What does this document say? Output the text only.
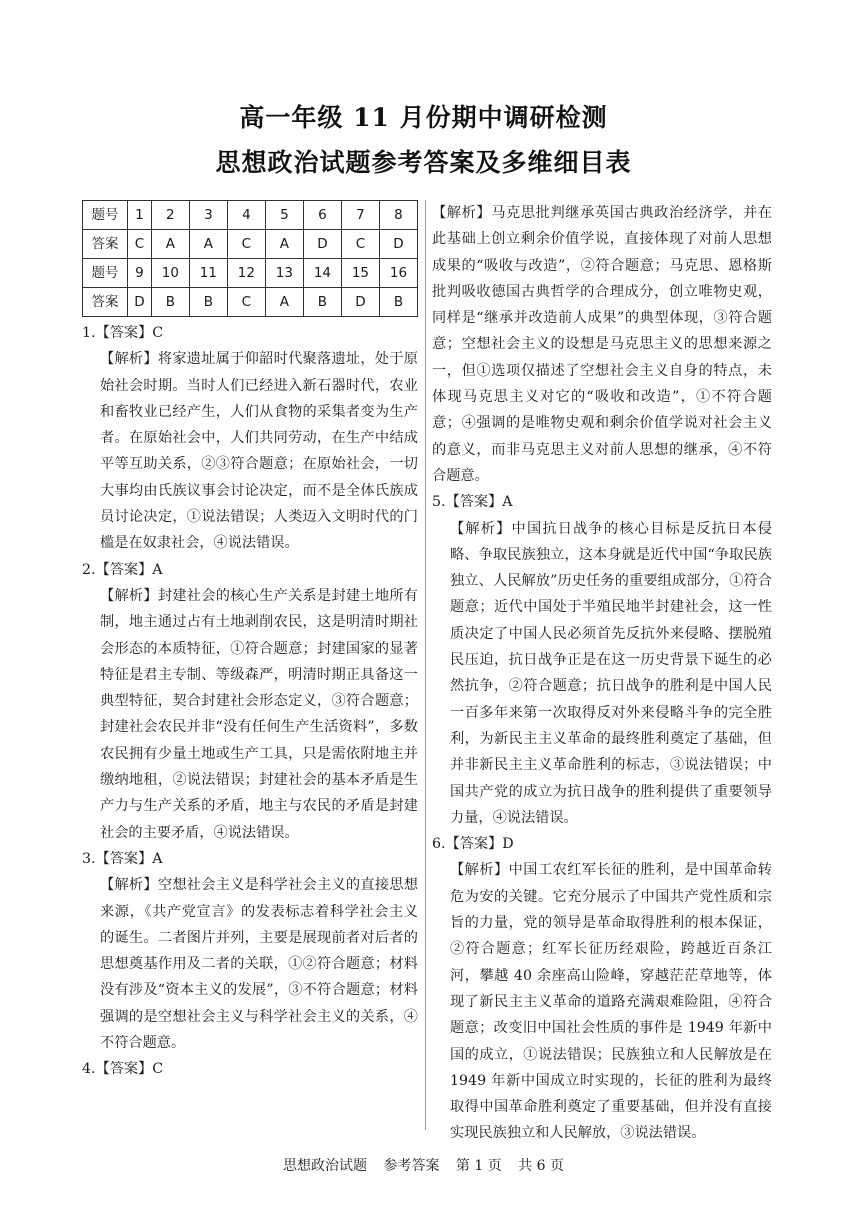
高一年级 11 月份期中调研检测
思想政治试题参考答案及多维细目表
题号	1	2	3	4	5	6	7	8
答案	C	A	A	C	A	D	C	D
题号	9	10	11	12	13	14	15	16
答案	D	B	B	C	A	B	D	B

1.【答案】C

【解析】将家遗址属于仰韶时代聚落遗址，处于原始社会时期。当时人们已经进入新石器时代，农业和畜牧业已经产生，人们从食物的采集者变为生产者。在原始社会中，人们共同劳动，在生产中结成平等互助关系，②③符合题意；在原始社会，一切大事均由氏族议事会讨论决定，而不是全体氏族成员讨论决定，①说法错误；人类迈入文明时代的门槛是在奴隶社会，④说法错误。

2.【答案】A

【解析】封建社会的核心生产关系是封建土地所有制，地主通过占有土地剥削农民，这是明清时期社会形态的本质特征，①符合题意；封建国家的显著特征是君主专制、等级森严，明清时期正具备这一典型特征，契合封建社会形态定义，③符合题意；封建社会农民并非“没有任何生产生活资料”，多数农民拥有少量土地或生产工具，只是需依附地主并缴纳地租，②说法错误；封建社会的基本矛盾是生产力与生产关系的矛盾，地主与农民的矛盾是封建社会的主要矛盾，④说法错误。

3.【答案】A

【解析】空想社会主义是科学社会主义的直接思想来源，《共产党宣言》的发表标志着科学社会主义的诞生。二者图片并列，主要是展现前者对后者的思想奠基作用及二者的关联，①②符合题意；材料没有涉及“资本主义的发展”，③不符合题意；材料强调的是空想社会主义与科学社会主义的关系，④不符合题意。

4.【答案】C

【解析】马克思批判继承英国古典政治经济学，并在此基础上创立剩余价值学说，直接体现了对前人思想成果的“吸收与改造”，②符合题意；马克思、恩格斯批判吸收德国古典哲学的合理成分，创立唯物史观，同样是“继承并改造前人成果”的典型体现，③符合题意；空想社会主义的设想是马克思主义的思想来源之一，但①选项仅描述了空想社会主义自身的特点，未体现马克思主义对它的“吸收和改造”，①不符合题意；④强调的是唯物史观和剩余价值学说对社会主义的意义，而非马克思主义对前人思想的继承，④不符合题意。

5.【答案】A

【解析】中国抗日战争的核心目标是反抗日本侵略、争取民族独立，这本身就是近代中国“争取民族独立、人民解放”历史任务的重要组成部分，①符合题意；近代中国处于半殖民地半封建社会，这一性质决定了中国人民必须首先反抗外来侵略、摆脱殖民压迫，抗日战争正是在这一历史背景下诞生的必然抗争，②符合题意；抗日战争的胜利是中国人民一百多年来第一次取得反对外来侵略斗争的完全胜利，为新民主主义革命的最终胜利奠定了基础，但并非新民主主义革命胜利的标志，③说法错误；中国共产党的成立为抗日战争的胜利提供了重要领导力量，④说法错误。

6.【答案】D

【解析】中国工农红军长征的胜利，是中国革命转危为安的关键。它充分展示了中国共产党性质和宗旨的力量，党的领导是革命取得胜利的根本保证，②符合题意；红军长征历经艰险，跨越近百条江河，攀越 40 余座高山险峰，穿越茫茫草地等，体现了新民主主义革命的道路充满艰难险阻，④符合题意；改变旧中国社会性质的事件是 1949 年新中国的成立，①说法错误；民族独立和人民解放是在 1949 年新中国成立时实现的，长征的胜利为最终取得中国革命胜利奠定了重要基础，但并没有直接实现民族独立和人民解放，③说法错误。

思想政治试题 参考答案 第 1 页 共 6 页
